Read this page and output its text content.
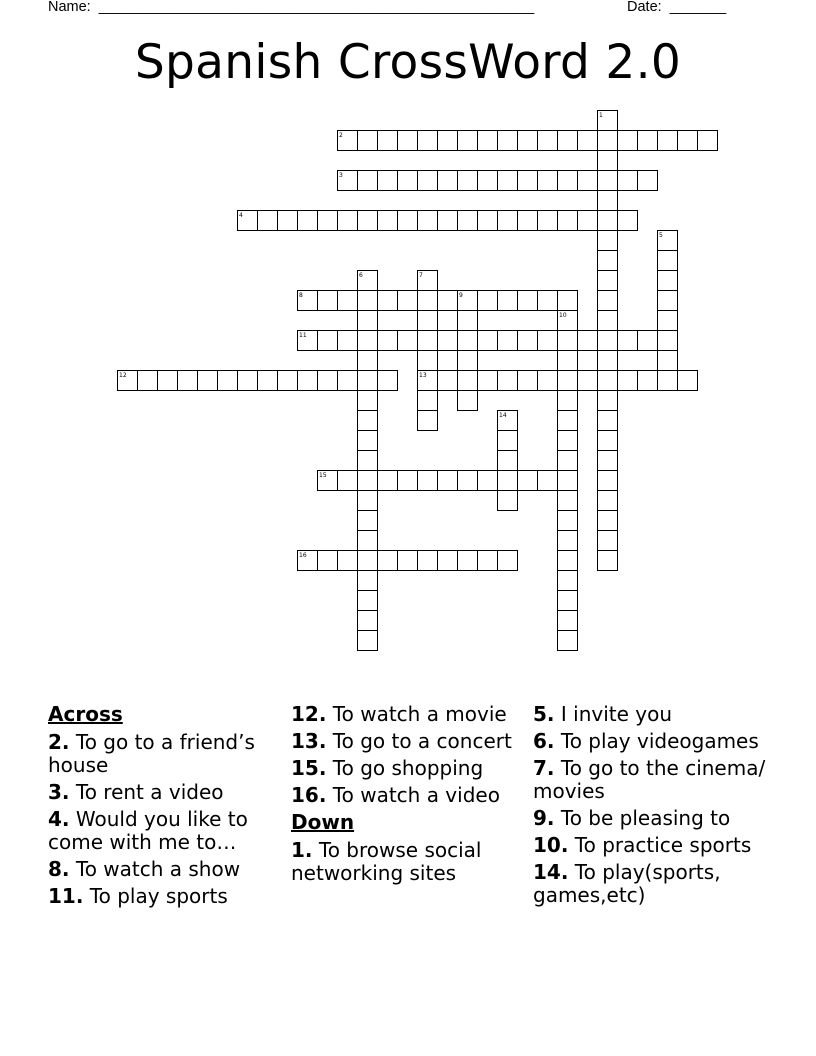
Name:  ______________________________________________________	Date:  _______
Spanish CrossWord 2.0
1
2
3
4
5
6	7
8	9
10
11
12	13
14
15
16
Across
2. To go to a friend’s house
3. To rent a video
4. Would you like to come with me to…
8. To watch a show
11. To play sports
12. To watch a movie
13. To go to a concert
15. To go shopping
16. To watch a video
Down
1. To browse social networking sites
5. I invite you
6. To play videogames
7. To go to the cinema/ movies
9. To be pleasing to
10. To practice sports
14. To play(sports, games,etc)
